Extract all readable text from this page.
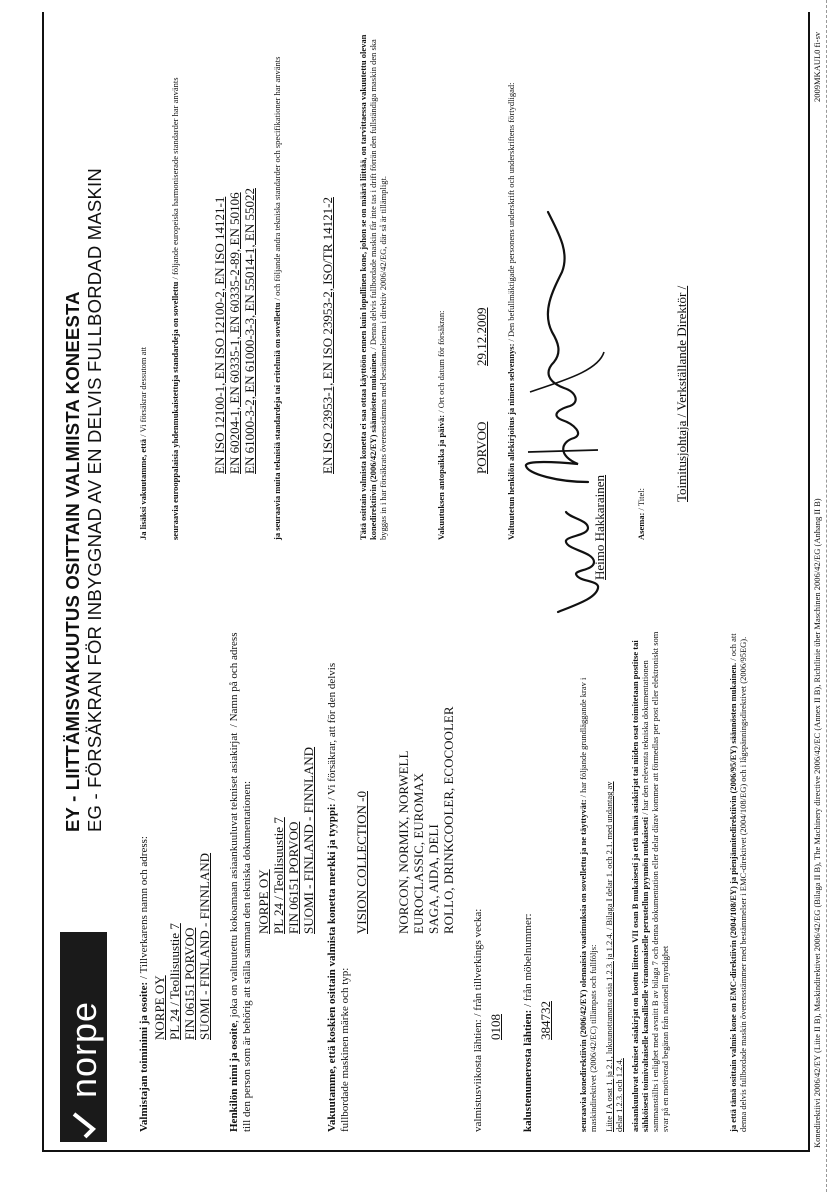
norpe
EY - LIITTÄMISVAKUUTUS OSITTAIN VALMIISTA KONEESTA EG - FÖRSÄKRAN FÖR INBYGGNAD AV EN DELVIS FULLBORDAD MASKIN
Valmistajan toiminimi ja osoite: / Tillverkarens namn och adress:
NORPE OY PL 24 / Teollisuustie 7 FIN 06151 PORVOO SUOMI - FINLAND - FINNLAND
Henkilön nimi ja osoite, joka on valtuutettu kokoamaan asiaankuuluvat tekniset asiakirjat  / Namn på och adress till den person som är behörig att ställa samman den tekniska dokumentationen: NORPE OY PL 24 / Teollisuustie 7 FIN 06151 PORVOO SUOMI - FINLAND - FINNLAND Vakuutamme, että koskien osittain valmista konetta merkki ja tyyppi: / Vi försäkrar, att för den delvis fullbordade maskinen märke och typ:
VISION COLLECTION -0 NORCON, NORMIX, NORWELL EUROCLASSIC, EUROMAX SAGA, AIDA, DELI ROLLO, DRINKCOOLER, ECOCOOLER
valmistusviikosta lähtien: / från tillverkings vecka:
0108 kalustenumerosta lähtien: / från möbelnummer:
384732	seuraavia konedirektiivin (2006/42/EY) olennaisia vaatimuksia on sovellettu ja ne täyttyvät: / har följande grundläggande krav i maskindirektivet (2006/42/EC) tillämpats och fullföljs: Liite I A osat 1. ja 2.1, lukuunottamatta osia 1.2.3. ja 1.2.4. / Bilaga I delar 1. och 2.1. med undantag av delar 1.2.3. och 1.2.4. asiaankuuluvat tekniset asiakirjat on koottu liitteen VII osan B mukaisesti ja että nämä asiakirjat tai niiden osat toimitetaan postitse tai sähköisesti toimivaltaiselle kansalliselle viranomaiselle perustellun pyynnön mukaisesti / har den relevanta tekniska dokumentationen sammanställts i enlighet med avsnitt B av bilaga 7 och denna dokumentation eller delar därav kommer att förmedlas per post eller elektroniskt som svar på en motiverad begäran från nationell myndighet	ja että tämä osittain valmis kone on EMC-direktiivin (2004/108/EY) ja pienjännitedirektiivin (2006/95/EY) säännösten mukainen. / och att denna delvis fullbordade maskin överensstämmer med bestämmelser i EMC-direktivet (2004/108/EG) och i lågspänningsdirektivet (2006/95EG).
Ja lisäksi vakuutamme, että / Vi försäkrar dessutom att	seuraavia eurooppalaisia yhdenmukaistettuja standardeja on sovellettu / följande europeiska harmoniserade standarder har använts
EN ISO 12100-1, EN ISO 12100-2, EN ISO 14121-1 EN 60204-1, EN 60335-1, EN 60335-2-89, EN 50106 EN 61000-3-2, EN 61000-3-3, EN 55014-1, EN 55022 ja seuraavia muita teknisiä standardeja tai eritelmiä on sovellettu / och följande andra tekniska standarder och specifikationer har använts
EN ISO 23953-1, EN ISO 23953-2, ISO/TR 14121-2	Tätä osittain valmista konetta ei saa ottaa käyttöön ennen kuin lopullinen kone, johon se on määrä liittää, on tarvittaessa vakuutettu olevan konedirektiivin (2006/42/EY) säännösten mukainen. / Denna delvis fullbordade maskin får inte tas i drift förrän den fullständiga maskin den ska byggas in i har försäkrats överensstämma med bestämmelserna i direktiv 2006/42/EG, där så är tillämpligt.	Vakuutuksen antopaikka ja päivä: / Ort och datum för försäkran:
PORVOO
29.12.2009
Valtuutetun henkilön allekirjoitus ja nimen selvennys: / Den befullmäktigade personens underskrift och underskriftens förtydligad:
Heimo Hakkarainen	Asema: / Titel: Toimitusjohtaja / Verkställande Direktör /
Konedirektiivi 2006/42/EY (Liite II B), Maskindirektivet 2006/42/EG (Bilaga II B), The Machinery directive 2006/42/EC (Annex II B), Richtlinie über Maschinen 2006/42/EG (Anhang II B)
2009MKAUL0 fi-sv
